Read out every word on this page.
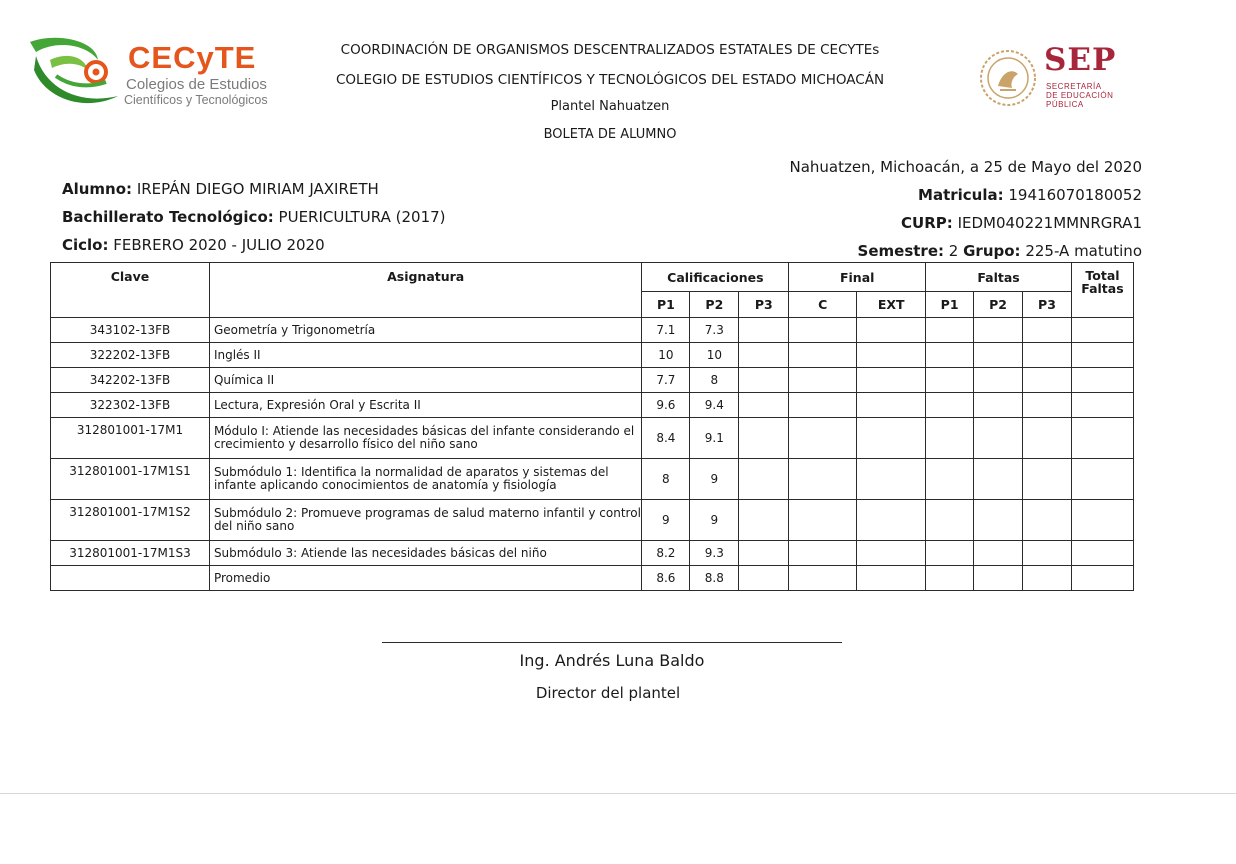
CECyTE
Colegios de Estudios
Científicos y Tecnológicos
SEP
SECRETARÍA
DE EDUCACIÓN
PÚBLICA
COORDINACIÓN DE ORGANISMOS DESCENTRALIZADOS ESTATALES DE CECYTEs
COLEGIO DE ESTUDIOS CIENTÍFICOS Y TECNOLÓGICOS DEL ESTADO MICHOACÁN
Plantel Nahuatzen
BOLETA DE ALUMNO
Alumno: IREPÁN DIEGO MIRIAM JAXIRETH
Bachillerato Tecnológico: PUERICULTURA (2017)
Ciclo: FEBRERO 2020 - JULIO 2020
Nahuatzen, Michoacán, a 25 de Mayo del 2020
Matricula: 19416070180052
CURP: IEDM040221MMNRGRA1
Semestre: 2 Grupo: 225-A matutino
Clave	Asignatura	Calificaciones			Final		Faltas			Total Faltas
		P1	P2	P3	C	EXT	P1	P2	P3	
343102-13FB	Geometría y Trigonometría	7.1	7.3							
322202-13FB	Inglés II	10	10							
342202-13FB	Química II	7.7	8							
322302-13FB	Lectura, Expresión Oral y Escrita II	9.6	9.4							
312801001-17M1	Módulo I: Atiende las necesidades básicas del infante considerando el crecimiento y desarrollo físico del niño sano	8.4	9.1							
312801001-17M1S1	Submódulo 1: Identifica la normalidad de aparatos y sistemas del infante aplicando conocimientos de anatomía y fisiología	8	9							
312801001-17M1S2	Submódulo 2: Promueve programas de salud materno infantil y control del niño sano	9	9							
312801001-17M1S3	Submódulo 3: Atiende las necesidades básicas del niño	8.2	9.3							
	Promedio	8.6	8.8							
Ing. Andrés Luna Baldo
Director del plantel
